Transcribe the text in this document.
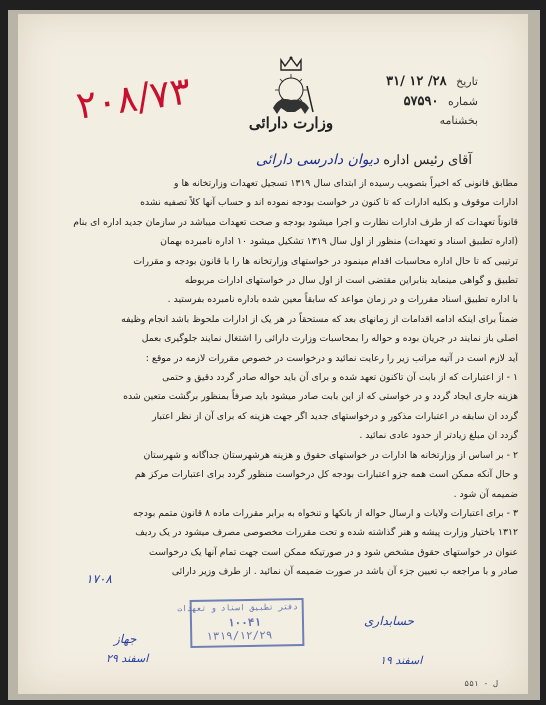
وزارت دارائی
تاریخ ۲۸/ ۱۲ /۳۱
شماره ۵۷۵۹۰
بخشنامه
۲۰۸/۷۳
آقای رئیس اداره دیوان دادرسی دارائی

مطابق قانونی که اخیراً بتصویب رسیده از ابتدای سال ۱۳۱۹ تسجیل تعهدات وزارتخانه ها و

ادارات موقوف و بکلیه ادارات که تا کنون در خواست بودجه نموده اند و حساب آنها کلاً تصفیه نشده

قانوناً تعهدات که از طرف ادارات نظارت و اجرا میشود بودجه و صحت تعهدات میباشد در سازمان جدید اداره ای بنام

(اداره تطبیق اسناد و تعهدات) منظور از اول سال ۱۳۱۹ تشکیل میشود ۱۰ اداره نامبرده بهمان

ترتیبی که تا حال اداره محاسبات اقدام مینمود در خواستهای وزارتخانه ها را با قانون بودجه و مقررات

تطبیق و گواهی مینماید بنابراین مقتضی است از اول سال در خواستهای ادارات مربوطه

با اداره تطبیق اسناد مقررات و در زمان مواعد که سابقاً معین شده باداره نامبرده بفرستید .

ضمناً برای اینکه ادامه اقدامات از زمانهای بعد که مستحقاً در هر یک از ادارات ملحوظ باشد انجام وظیفه

اصلی باز نمایند در جریان بوده و حواله را بمحاسبات وزارت دارائی را اشتغال نمایند جلوگیری بعمل

آید لازم است در آتیه مراتب زیر را رعایت نمائید و درخواست در خصوص مقررات لازمه در موقع :

۱ - از اعتبارات که از بابت آن تاکنون تعهد شده و برای آن باید حواله صادر گردد دقیق و حتمی

هزینه جاری ایجاد گردد و در خواستی که از این بابت صادر میشود باید صرفاً بمنظور برگشت متعین شده

گردد ان سابقه در اعتبارات مذکور و درخواستهای جدید اگر جهت هزینه که برای آن از نظر اعتبار

گردد ان مبلغ زیادتر از حدود عادی نمائید .

۲ - بر اساس از وزارتخانه ها ادارات در خواستهای حقوق و هزینه هرشهرستان جداگانه و شهرستان

و حال آنکه ممکن است همه جزو اعتبارات بودجه کل درخواست منظور گردد برای اعتبارات مرکز هم

ضمیمه آن شود .

۳ - برای اعتبارات ولایات و ارسال حواله از بانکها و تنخواه به برابر مقررات ماده ۸ قانون متمم بودجه

۱۳۱۲ باختیار وزارت پیشه و هنر گذاشته شده و تحت مقررات مخصوصی مصرف میشود در یک ردیف

عنوان در خواستهای حقوق مشخص شود و در صورتیکه ممکن است جهت تمام آنها یک درخواست

صادر و با مراجعه ب تعیین جزء آن باشد در صورت ضمیمه آن نمائید . از طرف وزیر دارائی

دفتر تطبیق اسناد و تعهدات
۱۰۰۴۱
۱۳۱۹/۱۲/۲۹
۱۷۰۸
جهاز
۲۹ اسفند
حسابداری
۱۹ اسفند
ل - ۵۵۱
